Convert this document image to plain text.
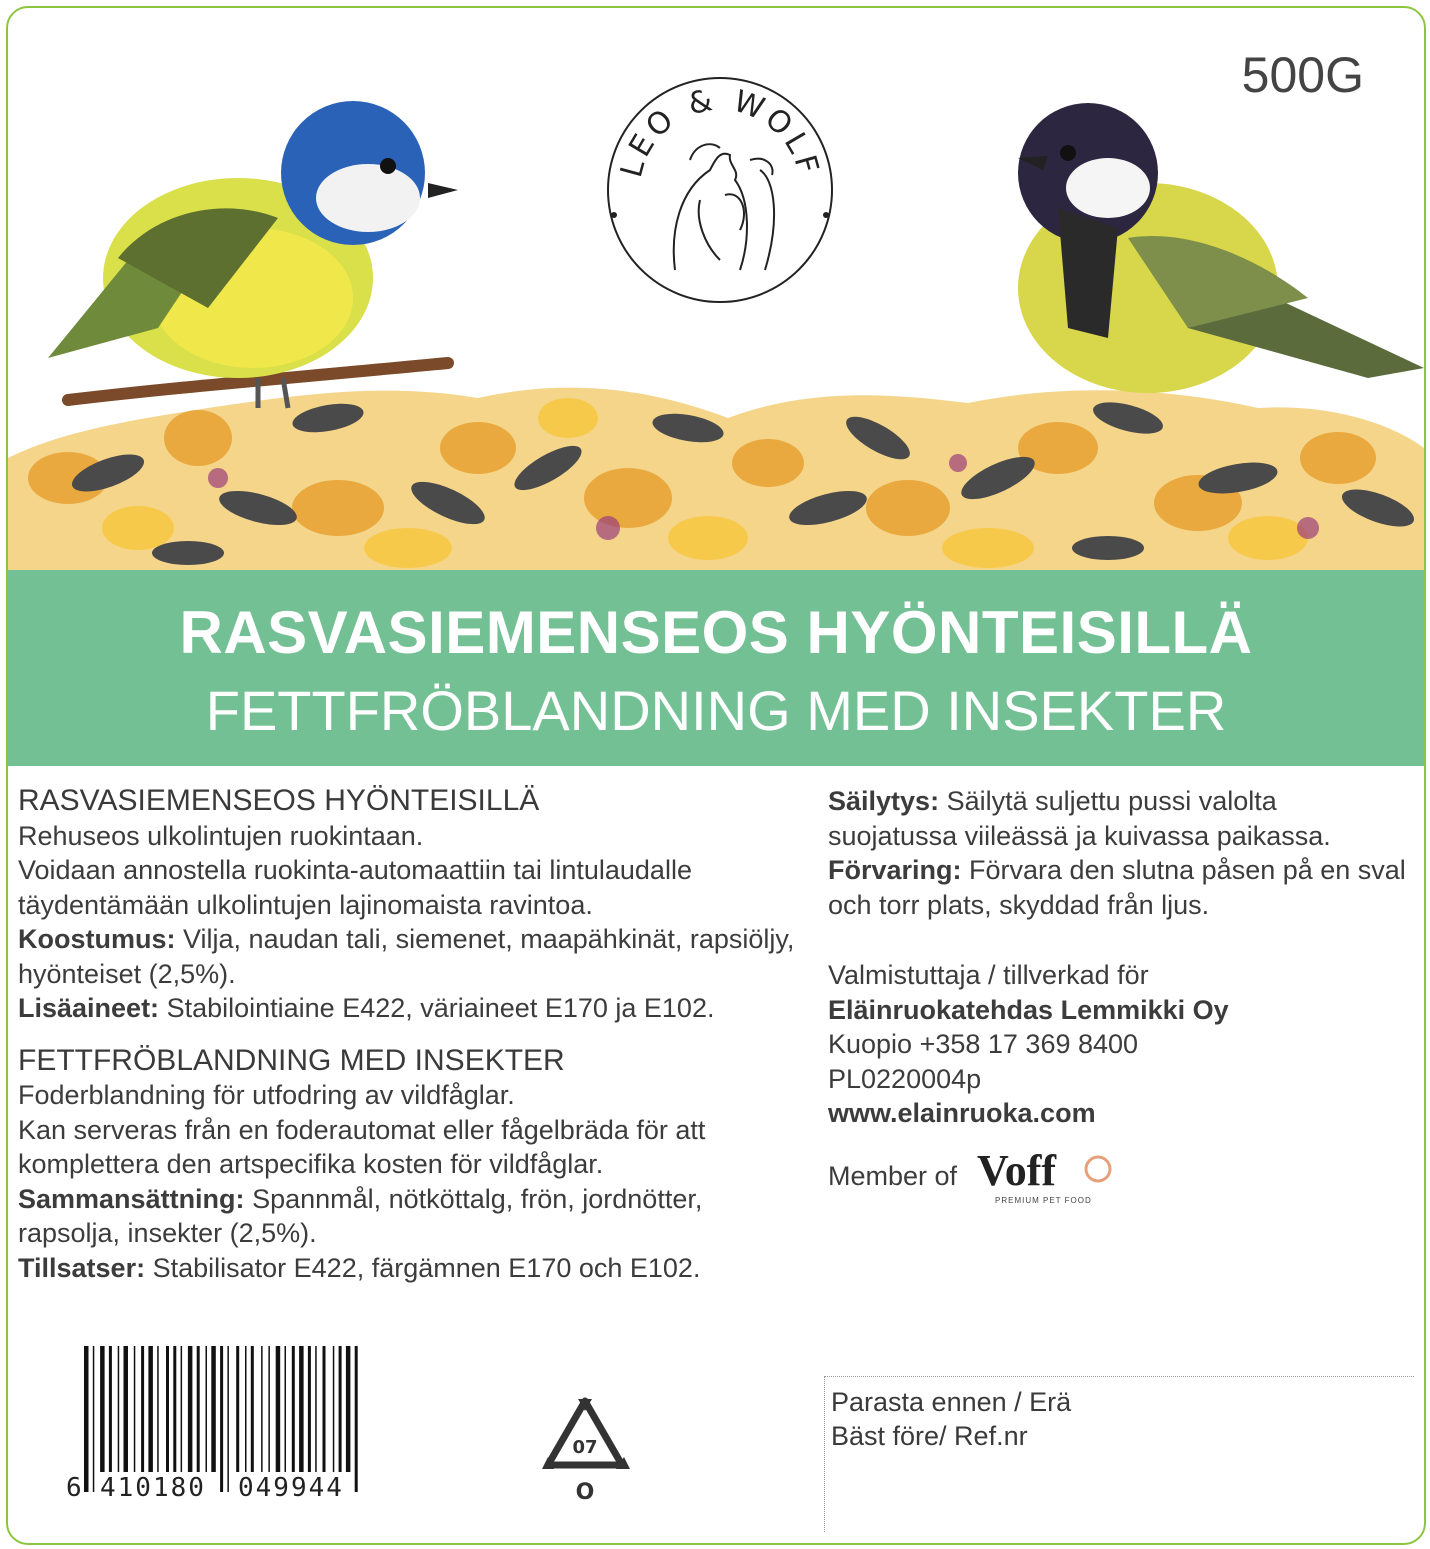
LEO & WOLF
500G
RASVASIEMENSEOS HYÖNTEISILLÄ
FETTFRÖBLANDNING MED INSEKTER

RASVASIEMENSEOS HYÖNTEISILLÄ

Rehuseos ulkolintujen ruokintaan.

Voidaan annostella ruokinta-automaattiin tai lintulaudalle täydentämään ulkolintujen lajinomaista ravintoa.

Koostumus: Vilja, naudan tali, siemenet, maapähkinät, rapsiöljy, hyönteiset (2,5%).

Lisäaineet: Stabilointiaine E422, väriaineet E170 ja E102.

FETTFRÖBLANDNING MED INSEKTER

Foderblandning för utfodring av vildfåglar.

Kan serveras från en foderautomat eller fågelbräda för att komplettera den artspecifika kosten för vildfåglar.

Sammansättning: Spannmål, nötköttalg, frön, jordnötter, rapsolja, insekter (2,5%).

Tillsatser: Stabilisator E422, färgämnen E170 och E102.

Säilytys: Säilytä suljettu pussi valolta suojatussa viileässä ja kuivassa paikassa.

Förvaring: Förvara den slutna påsen på en sval och torr plats, skyddad från ljus.

Valmistuttaja / tillverkad för

Eläinruokatehdas Lemmikki Oy

Kuopio +358 17 369 8400

PL0220004p

www.elainruoka.com

Member of Voff
PREMIUM PET FOOD
6 410180 049944
07
O
Parasta ennen / Erä
Bäst före/ Ref.nr
